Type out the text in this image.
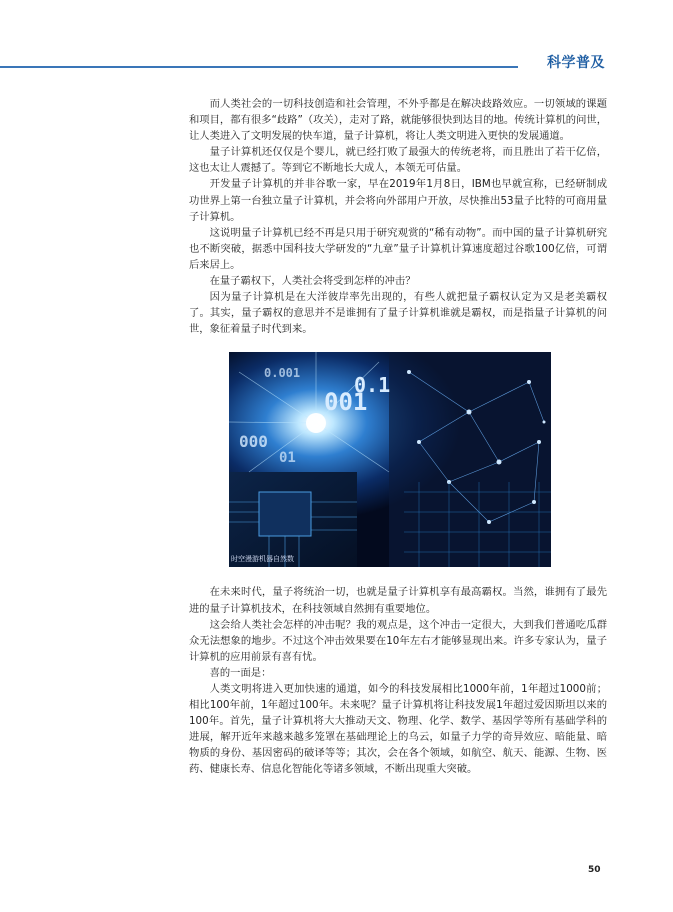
科学普及

而人类社会的一切科技创造和社会管理，不外乎都是在解决歧路效应。一切领域的课题和项目，都有很多“歧路”（攻关），走对了路，就能够很快到达目的地。传统计算机的问世，让人类进入了文明发展的快车道，量子计算机，将让人类文明进入更快的发展通道。

量子计算机还仅仅是个婴儿，就已经打败了最强大的传统老将，而且胜出了若干亿倍，这也太让人震撼了。等到它不断地长大成人，本领无可估量。

开发量子计算机的并非谷歌一家，早在2019年1月8日，IBM也早就宣称，已经研制成功世界上第一台独立量子计算机，并会将向外部用户开放，尽快推出53量子比特的可商用量子计算机。

这说明量子计算机已经不再是只用于研究观赏的“稀有动物”。而中国的量子计算机研究也不断突破，据悉中国科技大学研发的“九章”量子计算机计算速度超过谷歌100亿倍，可谓后来居上。

在量子霸权下，人类社会将受到怎样的冲击？

因为量子计算机是在大洋彼岸率先出现的，有些人就把量子霸权认定为又是老美霸权了。其实，量子霸权的意思并不是谁拥有了量子计算机谁就是霸权，而是指量子计算机的问世，象征着量子时代到来。

001
0.1
000
0.001
01
时空漫游机器自然数

在未来时代，量子将统治一切，也就是量子计算机享有最高霸权。当然，谁拥有了最先进的量子计算机技术，在科技领域自然拥有重要地位。

这会给人类社会怎样的冲击呢？我的观点是，这个冲击一定很大，大到我们普通吃瓜群众无法想象的地步。不过这个冲击效果要在10年左右才能够显现出来。许多专家认为，量子计算机的应用前景有喜有忧。

喜的一面是：

人类文明将进入更加快速的通道，如今的科技发展相比1000年前，1年超过1000前；相比100年前，1年超过100年。未来呢？量子计算机将让科技发展1年超过爱因斯坦以来的100年。首先，量子计算机将大大推动天文、物理、化学、数学、基因学等所有基础学科的进展，解开近年来越来越多笼罩在基础理论上的乌云，如量子力学的奇异效应、暗能量、暗物质的身份、基因密码的破译等等；其次，会在各个领域，如航空、航天、能源、生物、医药、健康长寿、信息化智能化等诸多领域，不断出现重大突破。

50
